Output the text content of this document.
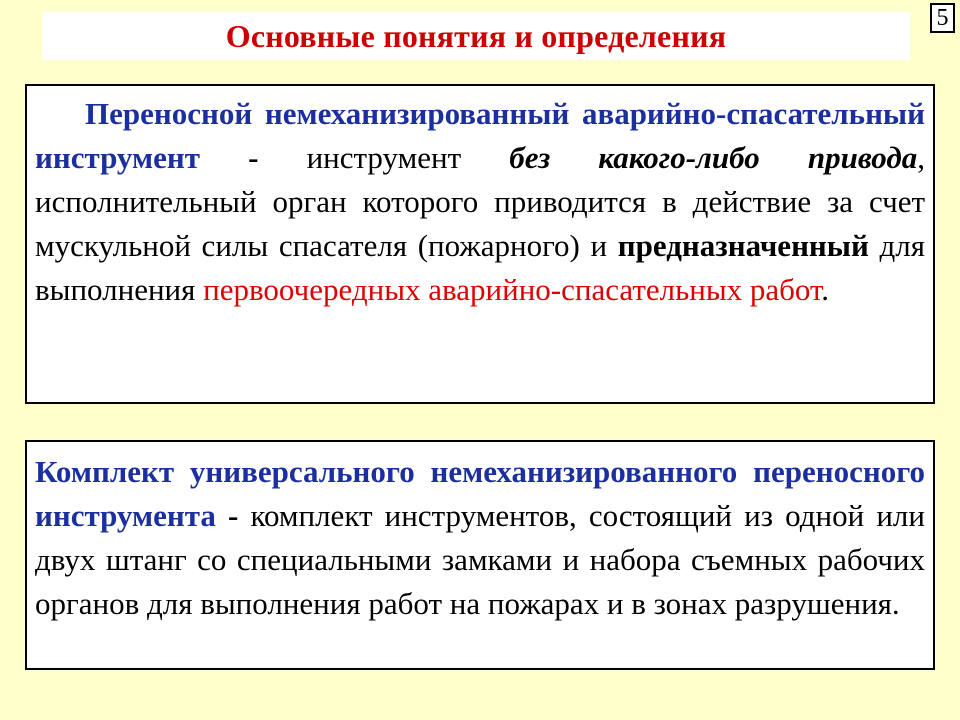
Основные понятия и определения	5
Переносной немеханизированный аварийно-спасательный инструмент - инструмент без какого-либо привода, исполнительный орган которого приводится в действие за счет мускульной силы спасателя (пожарного) и предназначенный для выполнения первоочередных аварийно-спасательных работ.
Комплект универсального немеханизированного переносного инструмента - комплект инструментов, состоящий из одной или двух штанг со специальными замками и набора съемных рабочих органов для выполнения работ на пожарах и в зонах разрушения.
